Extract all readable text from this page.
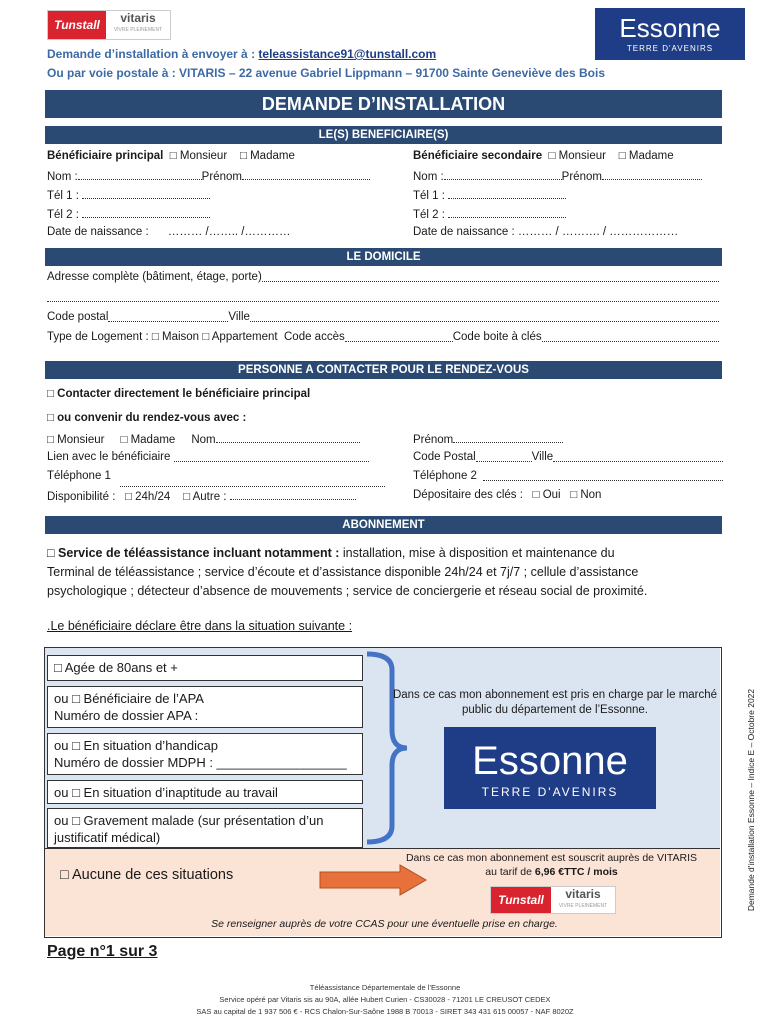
Tunstall	vitaris
VIVRE PLEINEMENT	Essonne
TERRE D'AVENIRS
Demande d’installation à envoyer à : teleassistance91@tunstall.com
Ou par voie postale à : VITARIS – 22 avenue Gabriel Lippmann – 91700 Sainte Geneviève des Bois
DEMANDE D’INSTALLATION
LE(S) BENEFICIAIRE(S)
Bénéficiaire principal □ Monsieur □ Madame
Nom :	Prénom
Tél 1 :
Tél 2 :
Date de naissance : ……… /…….. /…………
Bénéficiaire secondaire □ Monsieur □ Madame
Nom :	Prénom
Tél 1 :
Tél 2 :
Date de naissance : ……… / ………. / ………………
LE DOMICILE
Adresse complète (bâtiment, étage, porte)
Code postal	Ville
Type de Logement : □ Maison □ Appartement
Code accès	Code boite à clés
PERSONNE A CONTACTER POUR LE RENDEZ-VOUS
□ Contacter directement le bénéficiaire principal
□ ou convenir du rendez-vous avec :
□ Monsieur □ Madame Nom
Lien avec le bénéficiaire

Téléphone 1
Disponibilité : □ 24h/24 □ Autre :
Prénom
Code Postal	Ville
Téléphone 2

Dépositaire des clés : □ Oui □ Non
ABONNEMENT
□ Service de téléassistance incluant notamment : installation, mise à disposition et maintenance du
Terminal de téléassistance ; service d’écoute et d’assistance disponible 24h/24 et 7j/7 ; cellule d’assistance
psychologique ; détecteur d’absence de mouvements ; service de conciergerie et réseau social de proximité.
.Le bénéficiaire déclare être dans la situation suivante :
□ Agée de 80ans et +
ou □ Bénéficiaire de l’APA
Numéro de dossier APA :
ou □ En situation d’handicap
Numéro de dossier MDPH : __________________
ou □ En situation d’inaptitude au travail
ou □ Gravement malade (sur présentation d’un
justificatif médical)
Dans ce cas mon abonnement est pris en charge par le marché public du département de l’Essonne.
Essonne
TERRE D'AVENIRS
□ Aucune de ces situations
Dans ce cas mon abonnement est souscrit auprès de VITARIS
au tarif de 6,96 €TTC / mois
Tunstall	vitaris
VIVRE PLEINEMENT
Se renseigner auprès de votre CCAS pour une éventuelle prise en charge.
Demande d'installation Essonne – Indice E – Octobre 2022
Page n°1 sur 3
Téléassistance Départementale de l’Essonne
Service opéré par Vitaris sis au 90A, allée Hubert Curien - CS30028 - 71201 LE CREUSOT CEDEX
SAS au capital de 1 937 506 € - RCS Chalon-Sur-Saône 1988 B 70013 - SIRET 343 431 615 00057 - NAF 8020Z
